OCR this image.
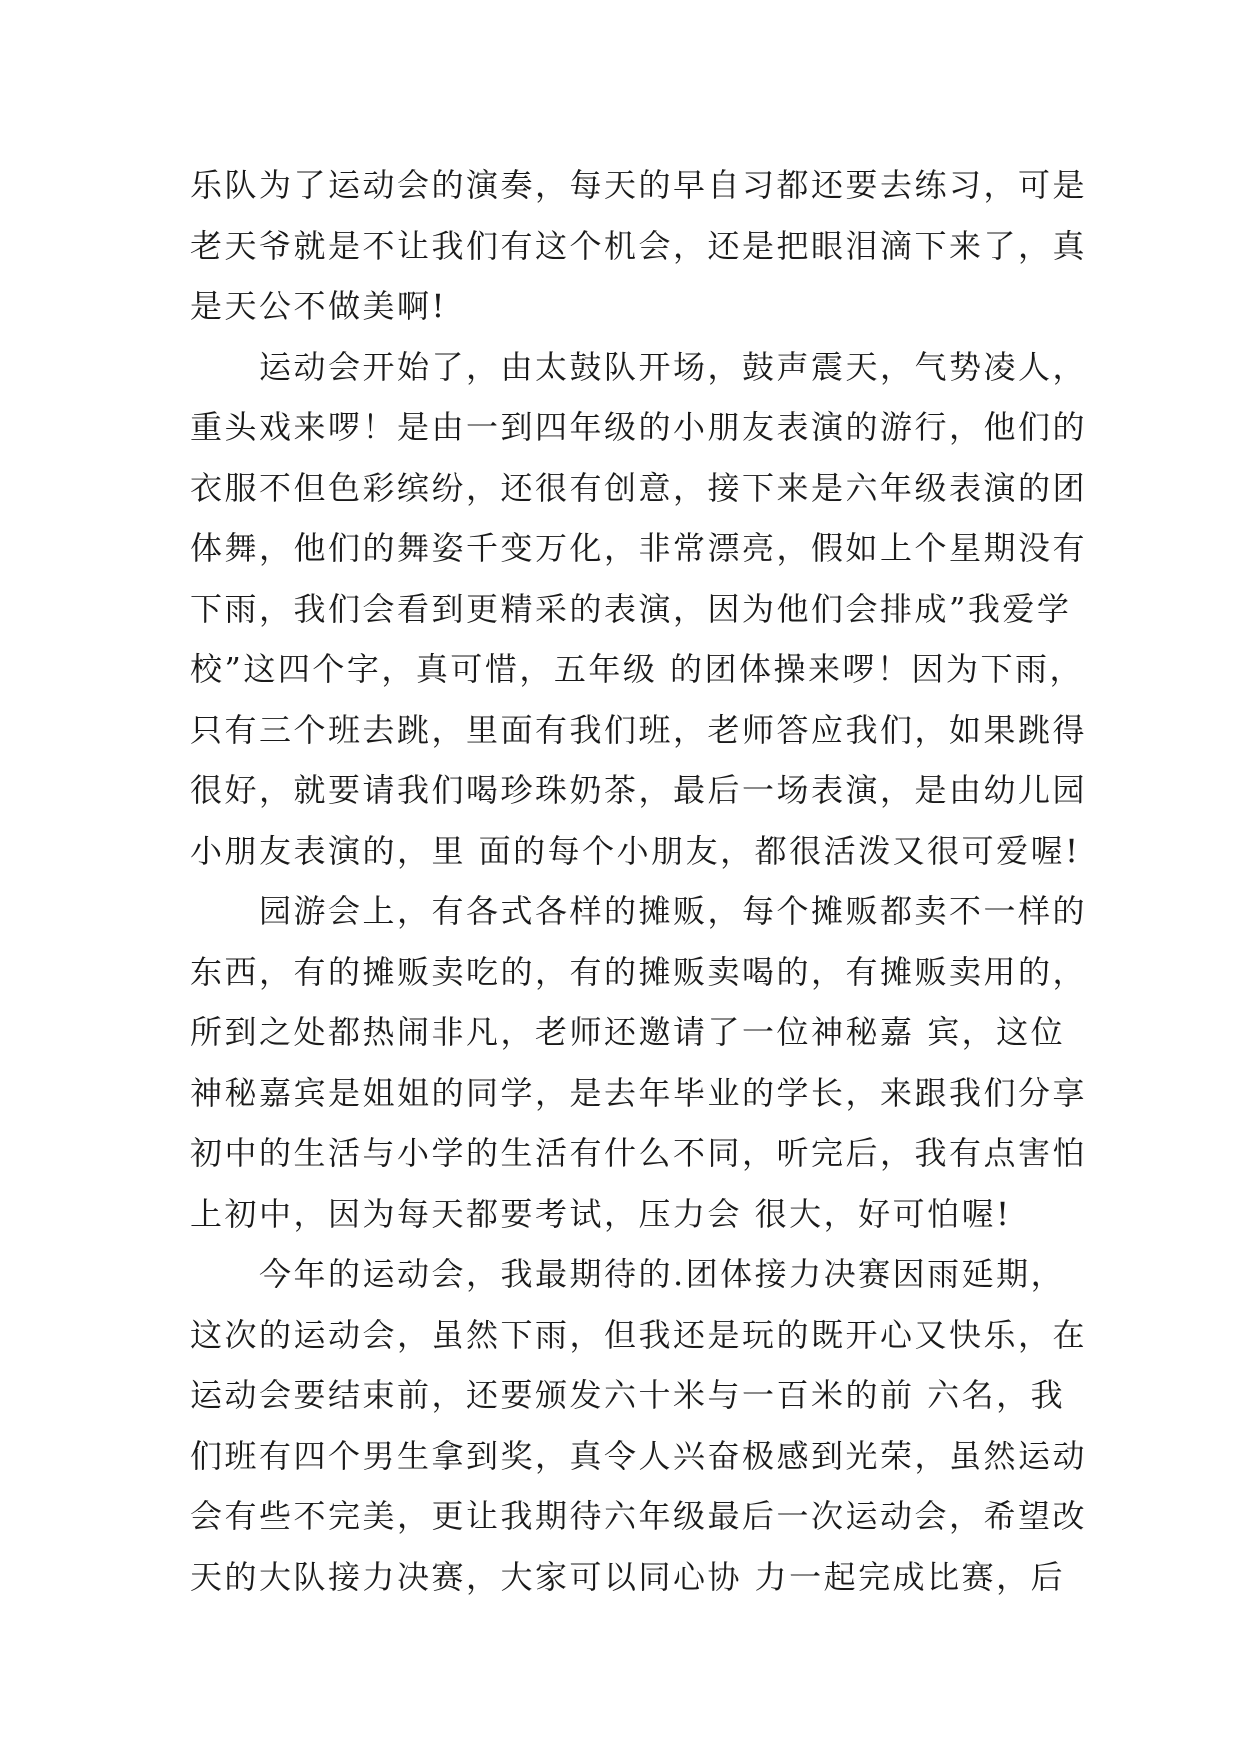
乐队为了运动会的演奏，每天的早自习都还要去练习，可是
老天爷就是不让我们有这个机会，还是把眼泪滴下来了，真
是天公不做美啊!
　　运动会开始了，由太鼓队开场，鼓声震天，气势凌人，
重头戏来啰！是由一到四年级的小朋友表演的游行，他们的
衣服不但色彩缤纷，还很有创意，接下来是六年级表演的团
体舞，他们的舞姿千变万化，非常漂亮，假如上个星期没有
下雨，我们会看到更精采的表演，因为他们会排成”我爱学
校”这四个字，真可惜，五年级 的团体操来啰！因为下雨，
只有三个班去跳，里面有我们班，老师答应我们，如果跳得
很好，就要请我们喝珍珠奶茶，最后一场表演，是由幼儿园
小朋友表演的，里 面的每个小朋友，都很活泼又很可爱喔!
　　园游会上，有各式各样的摊贩，每个摊贩都卖不一样的
东西，有的摊贩卖吃的，有的摊贩卖喝的，有摊贩卖用的，
所到之处都热闹非凡，老师还邀请了一位神秘嘉 宾，这位
神秘嘉宾是姐姐的同学，是去年毕业的学长，来跟我们分享
初中的生活与小学的生活有什么不同，听完后，我有点害怕
上初中，因为每天都要考试，压力会 很大，好可怕喔!
　　今年的运动会，我最期待的.团体接力决赛因雨延期，
这次的运动会，虽然下雨，但我还是玩的既开心又快乐，在
运动会要结束前，还要颁发六十米与一百米的前 六名，我
们班有四个男生拿到奖，真令人兴奋极感到光荣，虽然运动
会有些不完美，更让我期待六年级最后一次运动会，希望改
天的大队接力决赛，大家可以同心协 力一起完成比赛，后
